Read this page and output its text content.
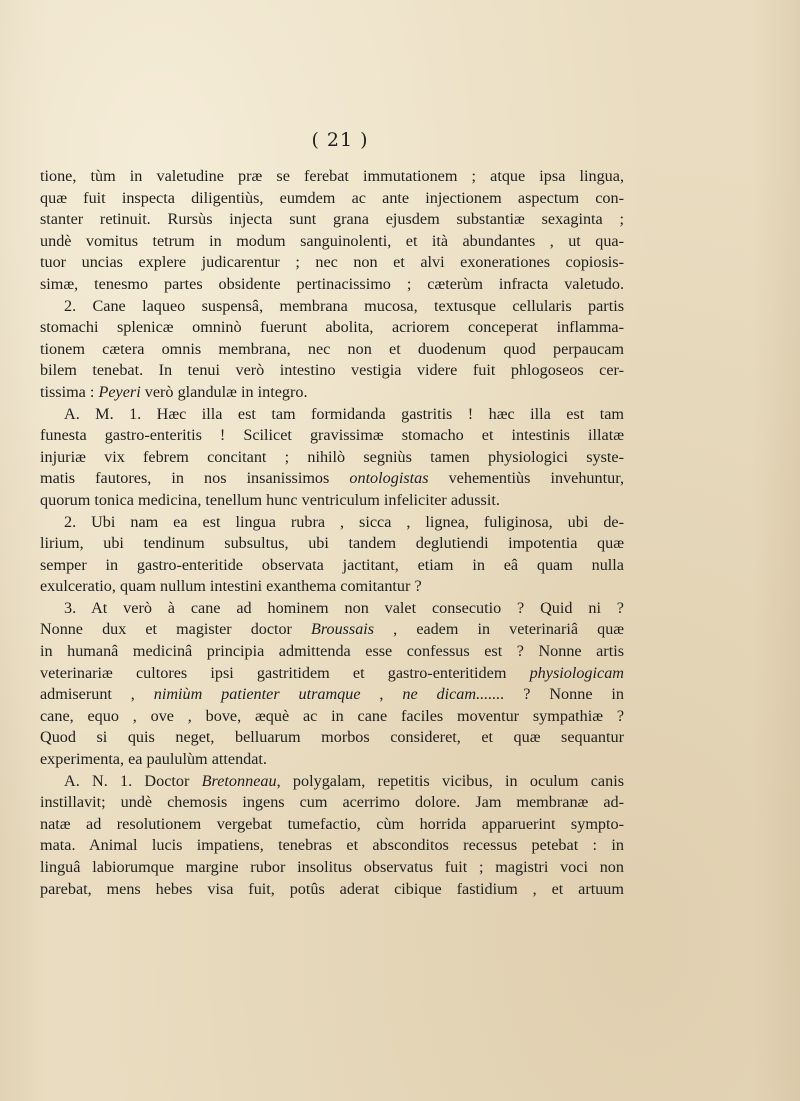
( 21 )
tione, tùm in valetudine præ se ferebat immutationem ; atque ipsa lingua,
quæ fuit inspecta diligentiùs, eumdem ac ante injectionem aspectum con-
stanter retinuit. Rursùs injecta sunt grana ejusdem substantiæ sexaginta ;
undè vomitus tetrum in modum sanguinolenti, et ità abundantes , ut qua-
tuor uncias explere judicarentur ; nec non et alvi exonerationes copiosis-
simæ, tenesmo partes obsidente pertinacissimo ; cæterùm infracta valetudo.
2. Cane laqueo suspensâ, membrana mucosa, textusque cellularis partis
stomachi splenicæ omninò fuerunt abolita, acriorem conceperat inflamma-
tionem cætera omnis membrana, nec non et duodenum quod perpaucam
bilem tenebat. In tenui verò intestino vestigia videre fuit phlogoseos cer-
tissima : Peyeri verò glandulæ in integro.
A. M. 1. Hæc illa est tam formidanda gastritis ! hæc illa est tam
funesta gastro-enteritis ! Scilicet gravissimæ stomacho et intestinis illatæ
injuriæ vix febrem concitant ; nihilò segniùs tamen physiologici syste-
matis fautores, in nos insanissimos ontologistas vehementiùs invehuntur,
quorum tonica medicina, tenellum hunc ventriculum infeliciter adussit.
2. Ubi nam ea est lingua rubra , sicca , lignea, fuliginosa, ubi de-
lirium, ubi tendinum subsultus, ubi tandem deglutiendi impotentia quæ
semper in gastro-enteritide observata jactitant, etiam in eâ quam nulla
exulceratio, quam nullum intestini exanthema comitantur ?
3. At verò à cane ad hominem non valet consecutio ? Quid ni ?
Nonne dux et magister doctor Broussais , eadem in veterinariâ quæ
in humanâ medicinâ principia admittenda esse confessus est ? Nonne artis
veterinariæ cultores ipsi gastritidem et gastro-enteritidem physiologicam
admiserunt , nimiùm patienter utramque , ne dicam....... ? Nonne in
cane, equo , ove , bove, æquè ac in cane faciles moventur sympathiæ ?
Quod si quis neget, belluarum morbos consideret, et quæ sequantur
experimenta, ea paululùm attendat.
A. N. 1. Doctor Bretonneau, polygalam, repetitis vicibus, in oculum canis
instillavit; undè chemosis ingens cum acerrimo dolore. Jam membranæ ad-
natæ ad resolutionem vergebat tumefactio, cùm horrida apparuerint sympto-
mata. Animal lucis impatiens, tenebras et absconditos recessus petebat : in
linguâ labiorumque margine rubor insolitus observatus fuit ; magistri voci non
parebat, mens hebes visa fuit, potûs aderat cibique fastidium , et artuum
